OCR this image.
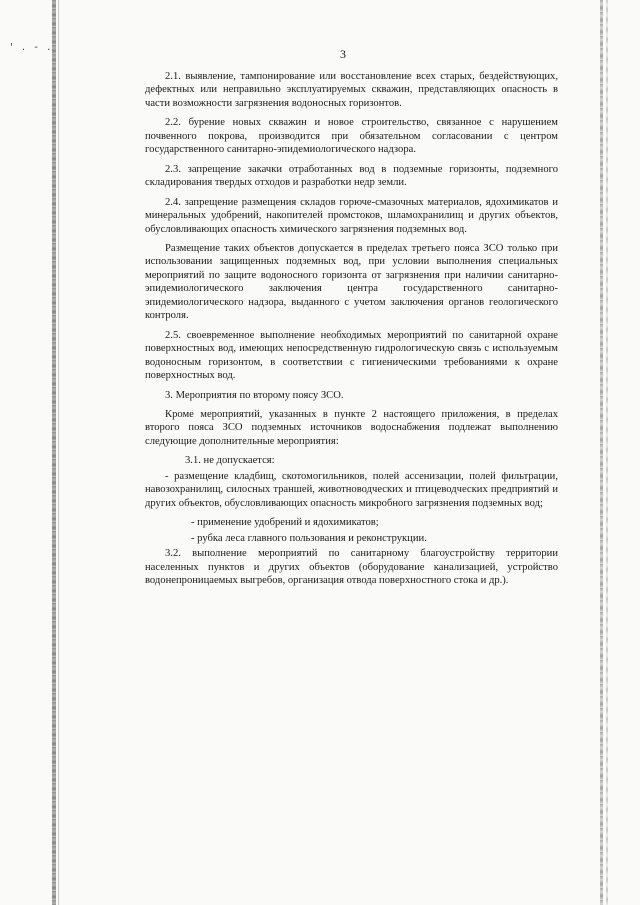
' . - .	3

2.1. выявление, тампонирование или восстановление всех старых, бездействующих, дефектных или неправильно эксплуатируемых скважин, представляющих опасность в части возможности загрязнения водоносных горизонтов.

2.2. бурение новых скважин и новое строительство, связанное с нарушением почвенного покрова, производится при обязательном согласовании с центром государственного санитарно-эпидемиологического надзора.

2.3. запрещение закачки отработанных вод в подземные горизонты, подземного складирования твердых отходов и разработки недр земли.

2.4. запрещение размещения складов горюче-смазочных материалов, ядохимикатов и минеральных удобрений, накопителей промстоков, шламохранилищ и других объектов, обусловливающих опасность химического загрязнения подземных вод.

Размещение таких объектов допускается в пределах третьего пояса ЗСО только при использовании защищенных подземных вод, при условии выполнения специальных мероприятий по защите водоносного горизонта от загрязнения при наличии санитарно-эпидемиологического заключения центра государственного санитарно-эпидемиологического надзора, выданного с учетом заключения органов геологического контроля.

2.5. своевременное выполнение необходимых мероприятий по санитарной охране поверхностных вод, имеющих непосредственную гидрологическую связь с используемым водоносным горизонтом, в соответствии с гигиеническими требованиями к охране поверхностных вод.

3. Мероприятия по второму поясу ЗСО.

Кроме мероприятий, указанных в пункте 2 настоящего приложения, в пределах второго пояса ЗСО подземных источников водоснабжения подлежат выполнению следующие дополнительные мероприятия:

3.1. не допускается:

- размещение кладбищ, скотомогильников, полей ассенизации, полей фильтрации, навозохранилищ, силосных траншей, животноводческих и птицеводческих предприятий и других объектов, обусловливающих опасность микробного загрязнения подземных вод;

- применение удобрений и ядохимикатов;

- рубка леса главного пользования и реконструкции.

3.2. выполнение мероприятий по санитарному благоустройству территории населенных пунктов и других объектов (оборудование канализацией, устройство водонепроницаемых выгребов, организация отвода поверхностного стока и др.).
